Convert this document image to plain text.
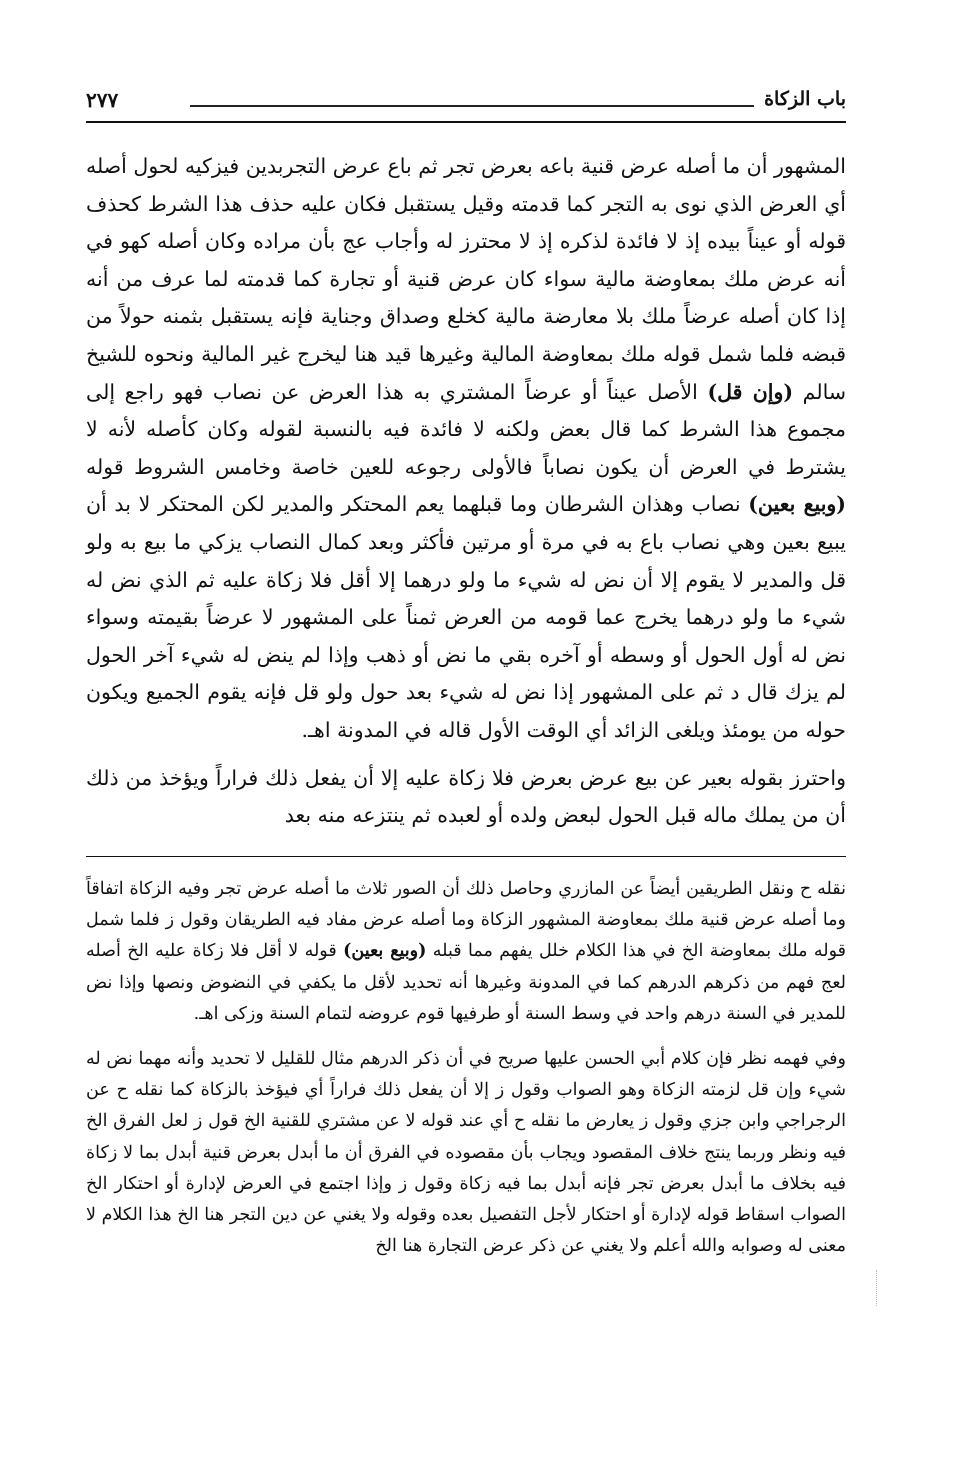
باب الزكاة
٢٧٧

المشهور أن ما أصله عرض قنية باعه بعرض تجر ثم باع عرض التجربدين فيزكيه لحول أصله أي العرض الذي نوى به التجر كما قدمته وقيل يستقبل فكان عليه حذف هذا الشرط كحذف قوله أو عيناً بيده إذ لا فائدة لذكره إذ لا محترز له وأجاب عج بأن مراده وكان أصله كهو في أنه عرض ملك بمعاوضة مالية سواء كان عرض قنية أو تجارة كما قدمته لما عرف من أنه إذا كان أصله عرضاً ملك بلا معارضة مالية كخلع وصداق وجناية فإنه يستقبل بثمنه حولاً من قبضه فلما شمل قوله ملك بمعاوضة المالية وغيرها قيد هنا ليخرج غير المالية ونحوه للشيخ سالم (وإن قل) الأصل عيناً أو عرضاً المشتري به هذا العرض عن نصاب فهو راجع إلى مجموع هذا الشرط كما قال بعض ولكنه لا فائدة فيه بالنسبة لقوله وكان كأصله لأنه لا يشترط في العرض أن يكون نصاباً فالأولى رجوعه للعين خاصة وخامس الشروط قوله (وبيع بعين) نصاب وهذان الشرطان وما قبلهما يعم المحتكر والمدير لكن المحتكر لا بد أن يبيع بعين وهي نصاب باع به في مرة أو مرتين فأكثر وبعد كمال النصاب يزكي ما بيع به ولو قل والمدير لا يقوم إلا أن نض له شيء ما ولو درهما إلا أقل فلا زكاة عليه ثم الذي نض له شيء ما ولو درهما يخرج عما قومه من العرض ثمناً على المشهور لا عرضاً بقيمته وسواء نض له أول الحول أو وسطه أو آخره بقي ما نض أو ذهب وإذا لم ينض له شيء آخر الحول لم يزك قال د ثم على المشهور إذا نض له شيء بعد حول ولو قل فإنه يقوم الجميع ويكون حوله من يومئذ ويلغى الزائد أي الوقت الأول قاله في المدونة اهـ.

واحترز بقوله بعير عن بيع عرض بعرض فلا زكاة عليه إلا أن يفعل ذلك فراراً ويؤخذ من ذلك أن من يملك ماله قبل الحول لبعض ولده أو لعبده ثم ينتزعه منه بعد

نقله ح ونقل الطريقين أيضاً عن المازري وحاصل ذلك أن الصور ثلاث ما أصله عرض تجر وفيه الزكاة اتفاقاً وما أصله عرض قنية ملك بمعاوضة المشهور الزكاة وما أصله عرض مفاد فيه الطريقان وقول ز فلما شمل قوله ملك بمعاوضة الخ في هذا الكلام خلل يفهم مما قبله (وبيع بعين) قوله لا أقل فلا زكاة عليه الخ أصله لعج فهم من ذكرهم الدرهم كما في المدونة وغيرها أنه تحديد لأقل ما يكفي في النضوض ونصها وإذا نض للمدير في السنة درهم واحد في وسط السنة أو طرفيها قوم عروضه لتمام السنة وزكى اهـ.

وفي فهمه نظر فإن كلام أبي الحسن عليها صريح في أن ذكر الدرهم مثال للقليل لا تحديد وأنه مهما نض له شيء وإن قل لزمته الزكاة وهو الصواب وقول ز إلا أن يفعل ذلك فراراً أي فيؤخذ بالزكاة كما نقله ح عن الرجراجي وابن جزي وقول ز يعارض ما نقله ح أي عند قوله لا عن مشتري للقنية الخ قول ز لعل الفرق الخ فيه ونظر وربما ينتج خلاف المقصود ويجاب بأن مقصوده في الفرق أن ما أبدل بعرض قنية أبدل بما لا زكاة فيه بخلاف ما أبدل بعرض تجر فإنه أبدل بما فيه زكاة وقول ز وإذا اجتمع في العرض لإدارة أو احتكار الخ الصواب اسقاط قوله لإدارة أو احتكار لأجل التفصيل بعده وقوله ولا يغني عن دين التجر هنا الخ هذا الكلام لا معنى له وصوابه والله أعلم ولا يغني عن ذكر عرض التجارة هنا الخ
